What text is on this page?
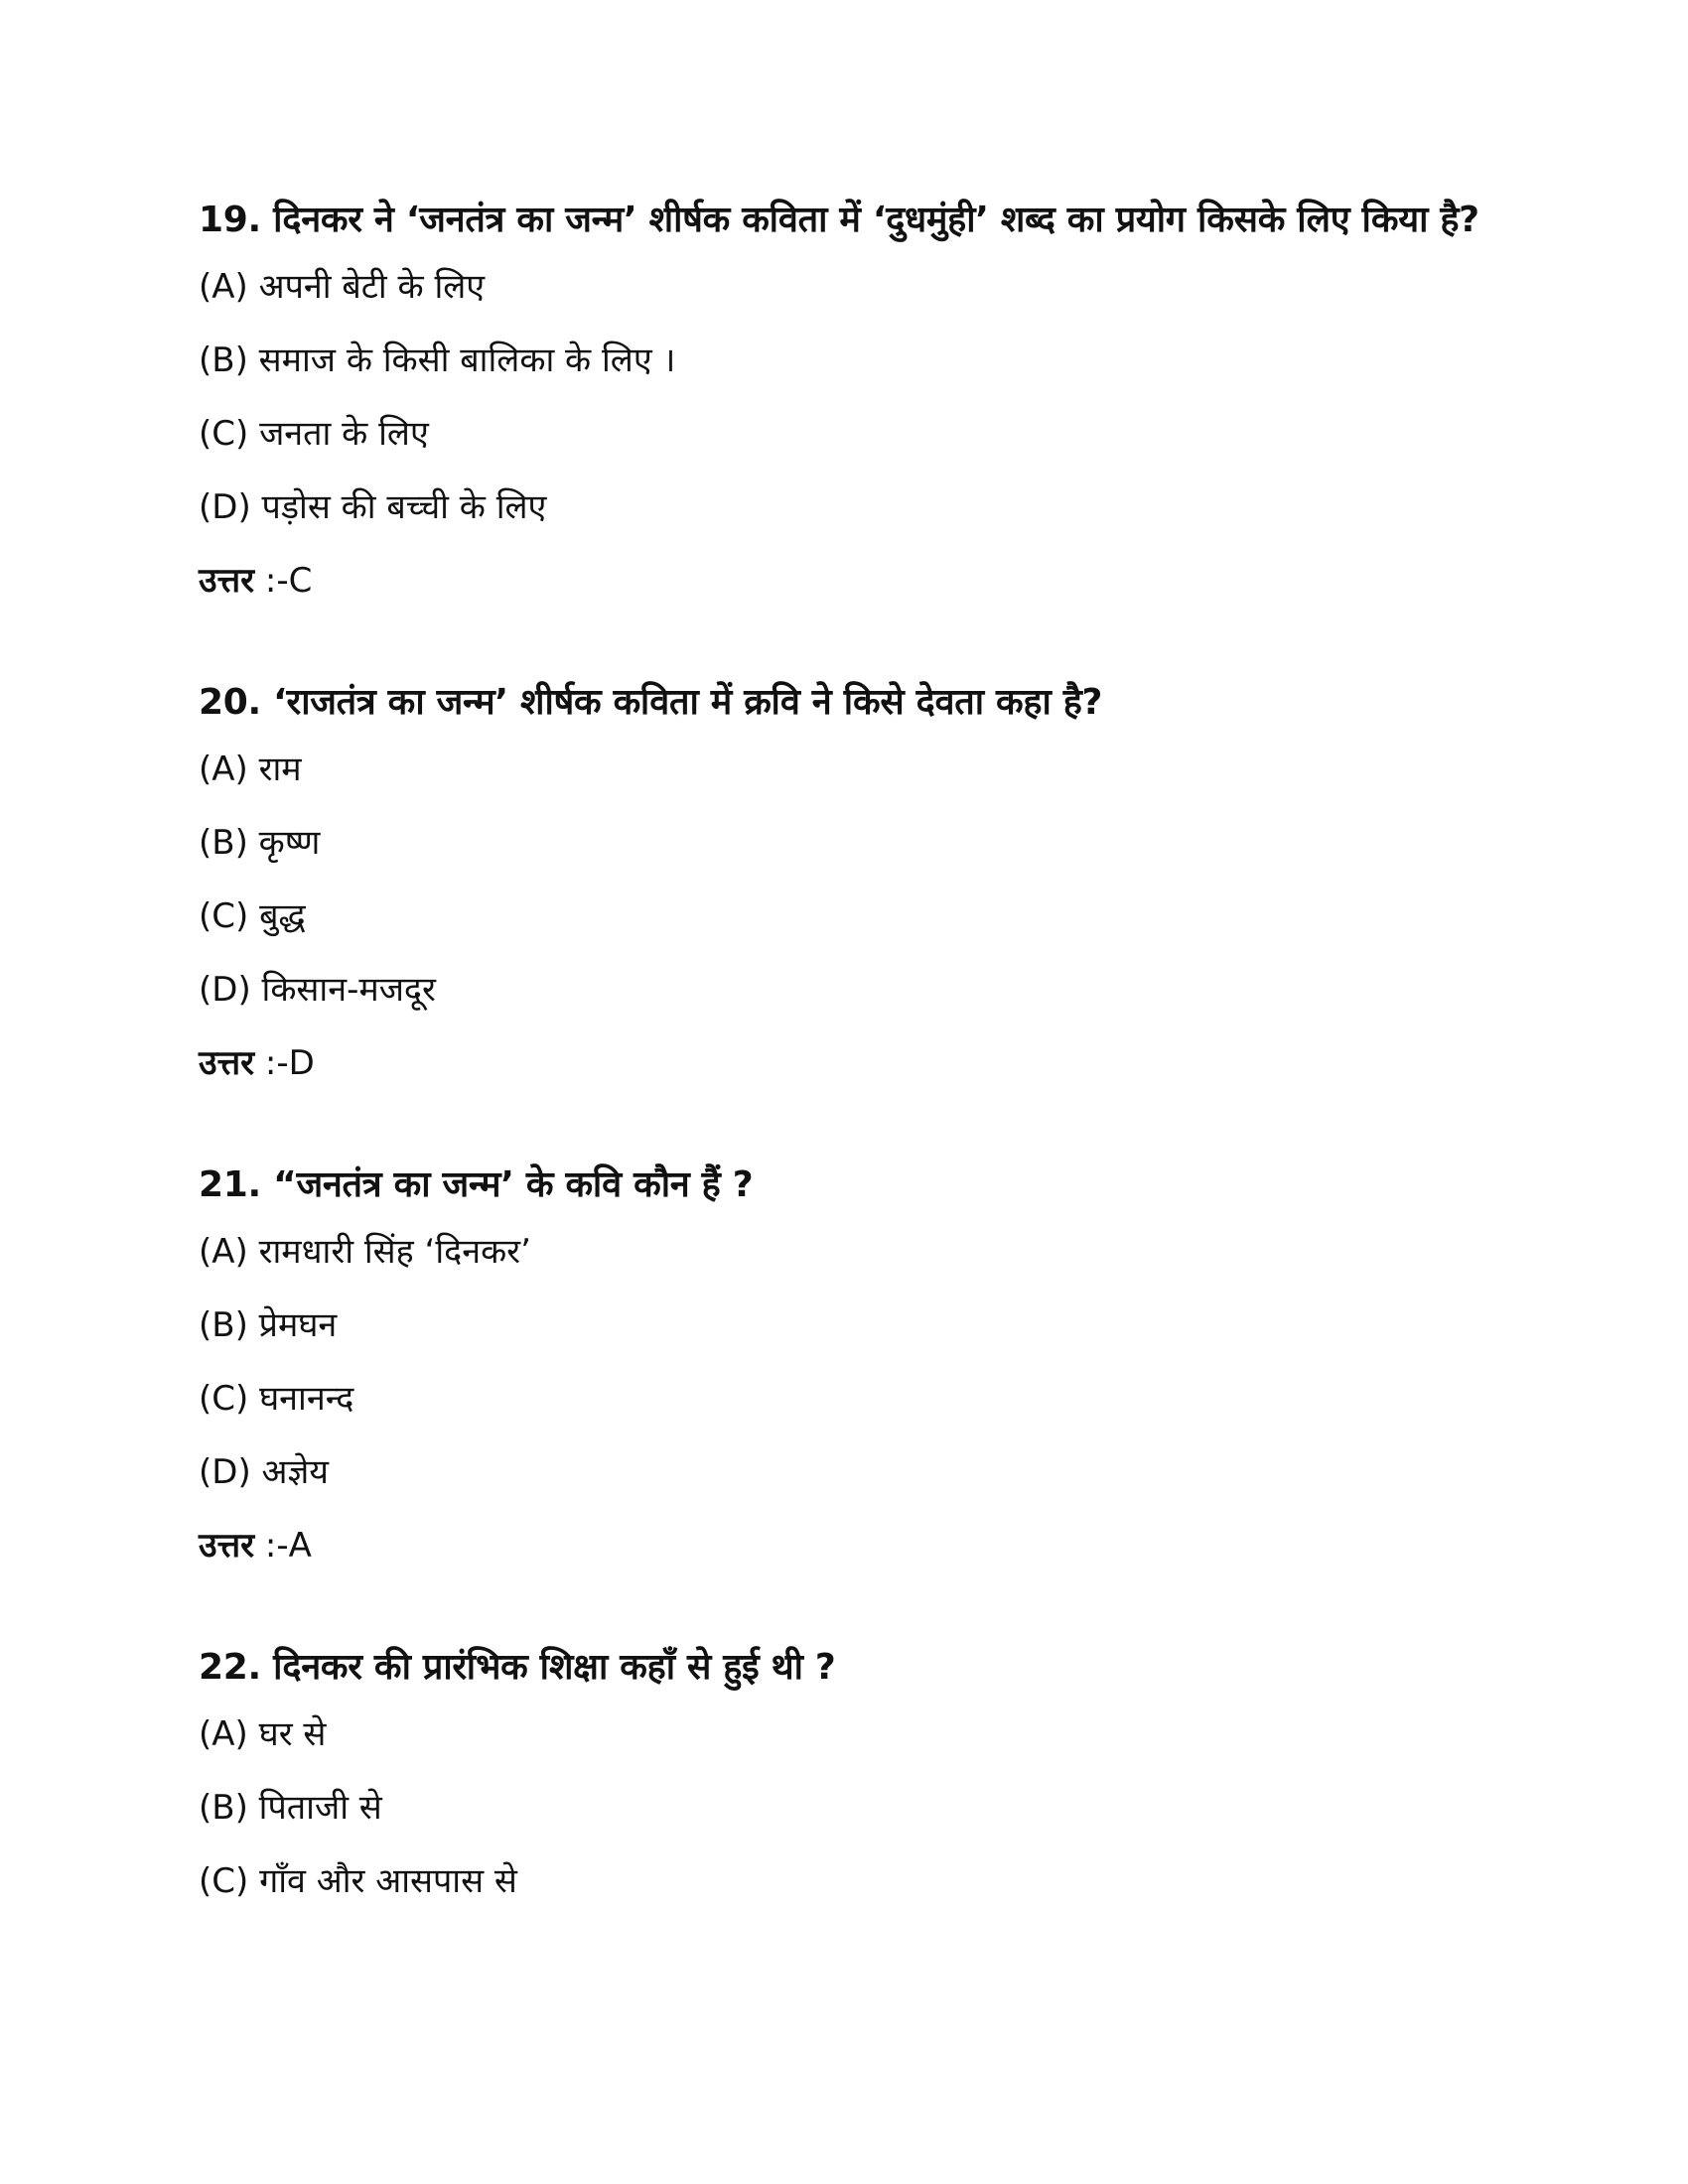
19. दिनकर ने ‘जनतंत्र का जन्म’ शीर्षक कविता में ‘दुधमुंही’ शब्द का प्रयोग किसके लिए किया है?

(A) अपनी बेटी के लिए
(B) समाज के किसी बालिका के लिए ।
(C) जनता के लिए
(D) पड़ोस की बच्ची के लिए
उत्तर :-C

20. ‘राजतंत्र का जन्म’ शीर्षक कविता में क्रवि ने किसे देवता कहा है?

(A) राम
(B) कृष्ण
(C) बुद्ध
(D) किसान-मजदूर
उत्तर :-D

21. “जनतंत्र का जन्म’ के कवि कौन हैं ?

(A) रामधारी सिंह ‘दिनकर’
(B) प्रेमघन
(C) घनानन्द
(D) अज्ञेय
उत्तर :-A

22. दिनकर की प्रारंभिक शिक्षा कहाँ से हुई थी ?

(A) घर से
(B) पिताजी से
(C) गाँव और आसपास से
